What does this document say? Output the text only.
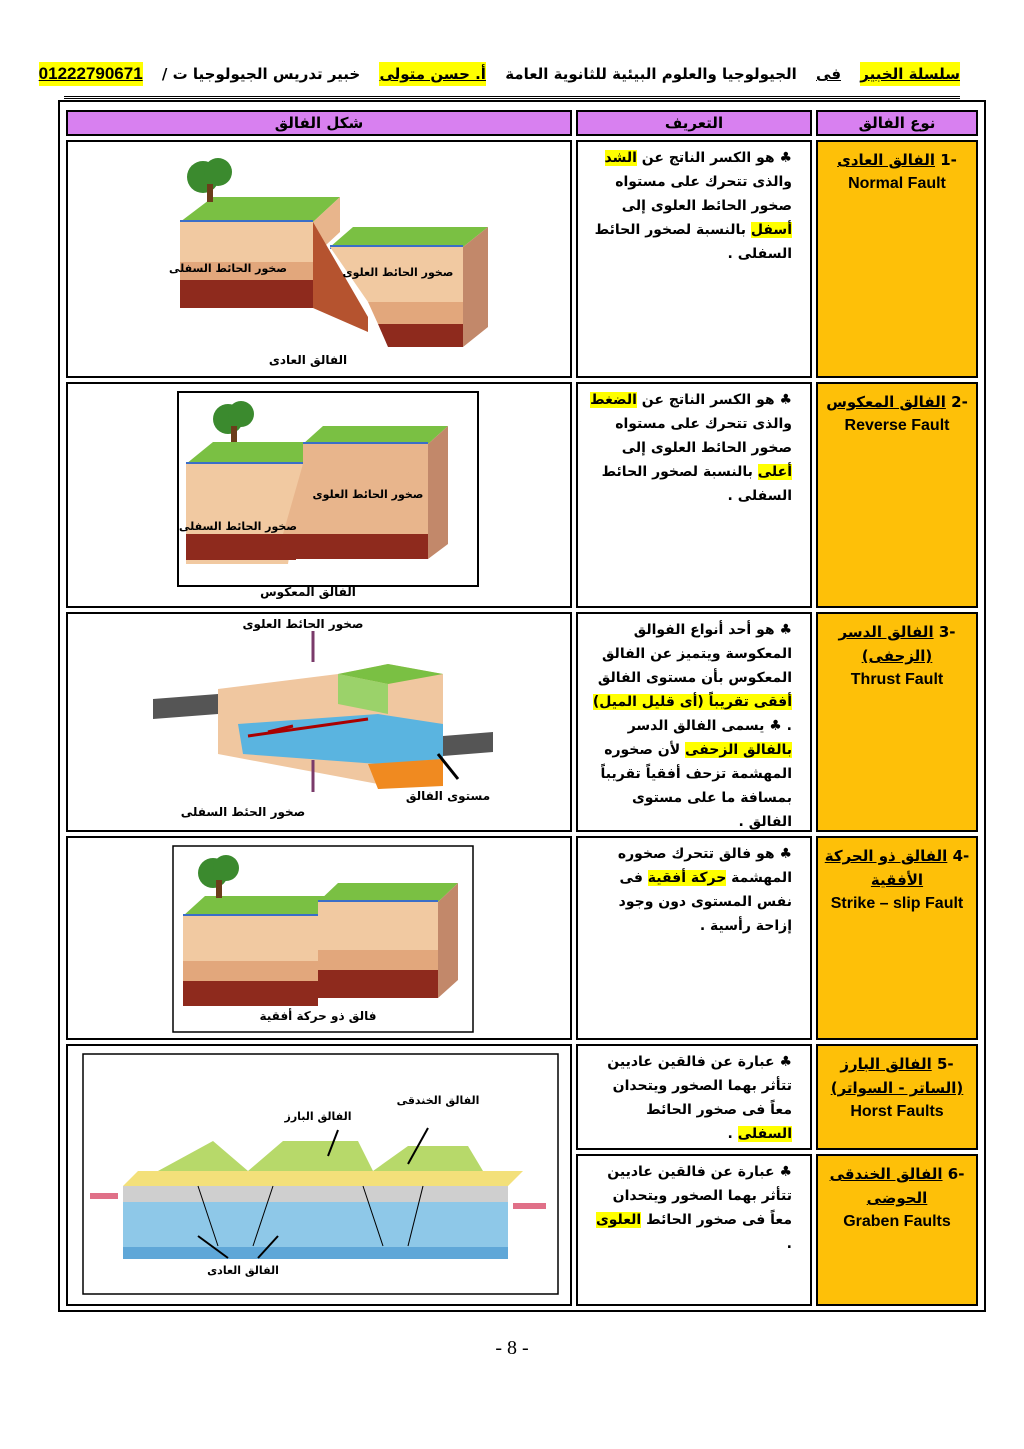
سلسلة الخبير فى الجيولوجيا والعلوم البيئية للثانوية العامة أ. حسن متولى خبير تدريس الجيولوجيا ت / 01222790671
نوع الفالق
التعريف
شكل الفالق
-1 الفالق العادى
Normal Fault
♣ هو الكسر الناتج عن الشد والذى تتحرك على مستواه صخور الحائط العلوى إلى أسفل بالنسبة لصخور الحائط السفلى .
صخور الحائط السفلى	صخور الحائط العلوى
الفالق العادى
-2 الفالق المعكوس
Reverse Fault
♣ هو الكسر الناتج عن الضغط والذى تتحرك على مستواه صخور الحائط العلوى إلى أعلى بالنسبة لصخور الحائط السفلى .
صخور الحائط العلوى
صخور الحائط السفلى
الفالق المعكوس
-3 الفالق الدسر (الزحفى)
Thrust Fault
♣ هو أحد أنواع الفوالق المعكوسة ويتميز عن الفالق المعكوس بأن مستوى الفالق أفقى تقريباً (أى قليل الميل) . ♣ يسمى الفالق الدسر بالفالق الزحفى لأن صخوره المهشمة تزحف أفقياً تقريباً بمسافة ما على مستوى الفالق .
صخور الحائط العلوى
صخور الحئط السفلى
مستوى الفالق
-4 الفالق ذو الحركة الأفقية
Strike – slip Fault
♣ هو فالق تتحرك صخوره المهشمة حركة أفقية فى نفس المستوى دون وجود إزاحة رأسية .
فالق ذو حركة أفقية
-5 الفالق البارز (الساتر - السواتر)
Horst Faults
♣ عبارة عن فالقين عاديين تتأثر بهما الصخور ويتحدان معاً فى صخور الحائط السفلى .
-6 الفالق الخندقى الحوضى
Graben Faults
♣ عبارة عن فالقين عاديين تتأثر بهما الصخور ويتحدان معاً فى صخور الحائط العلوى .
الفالق البارز
الفالق الخندقى
الفالق العادى
- 8 -
